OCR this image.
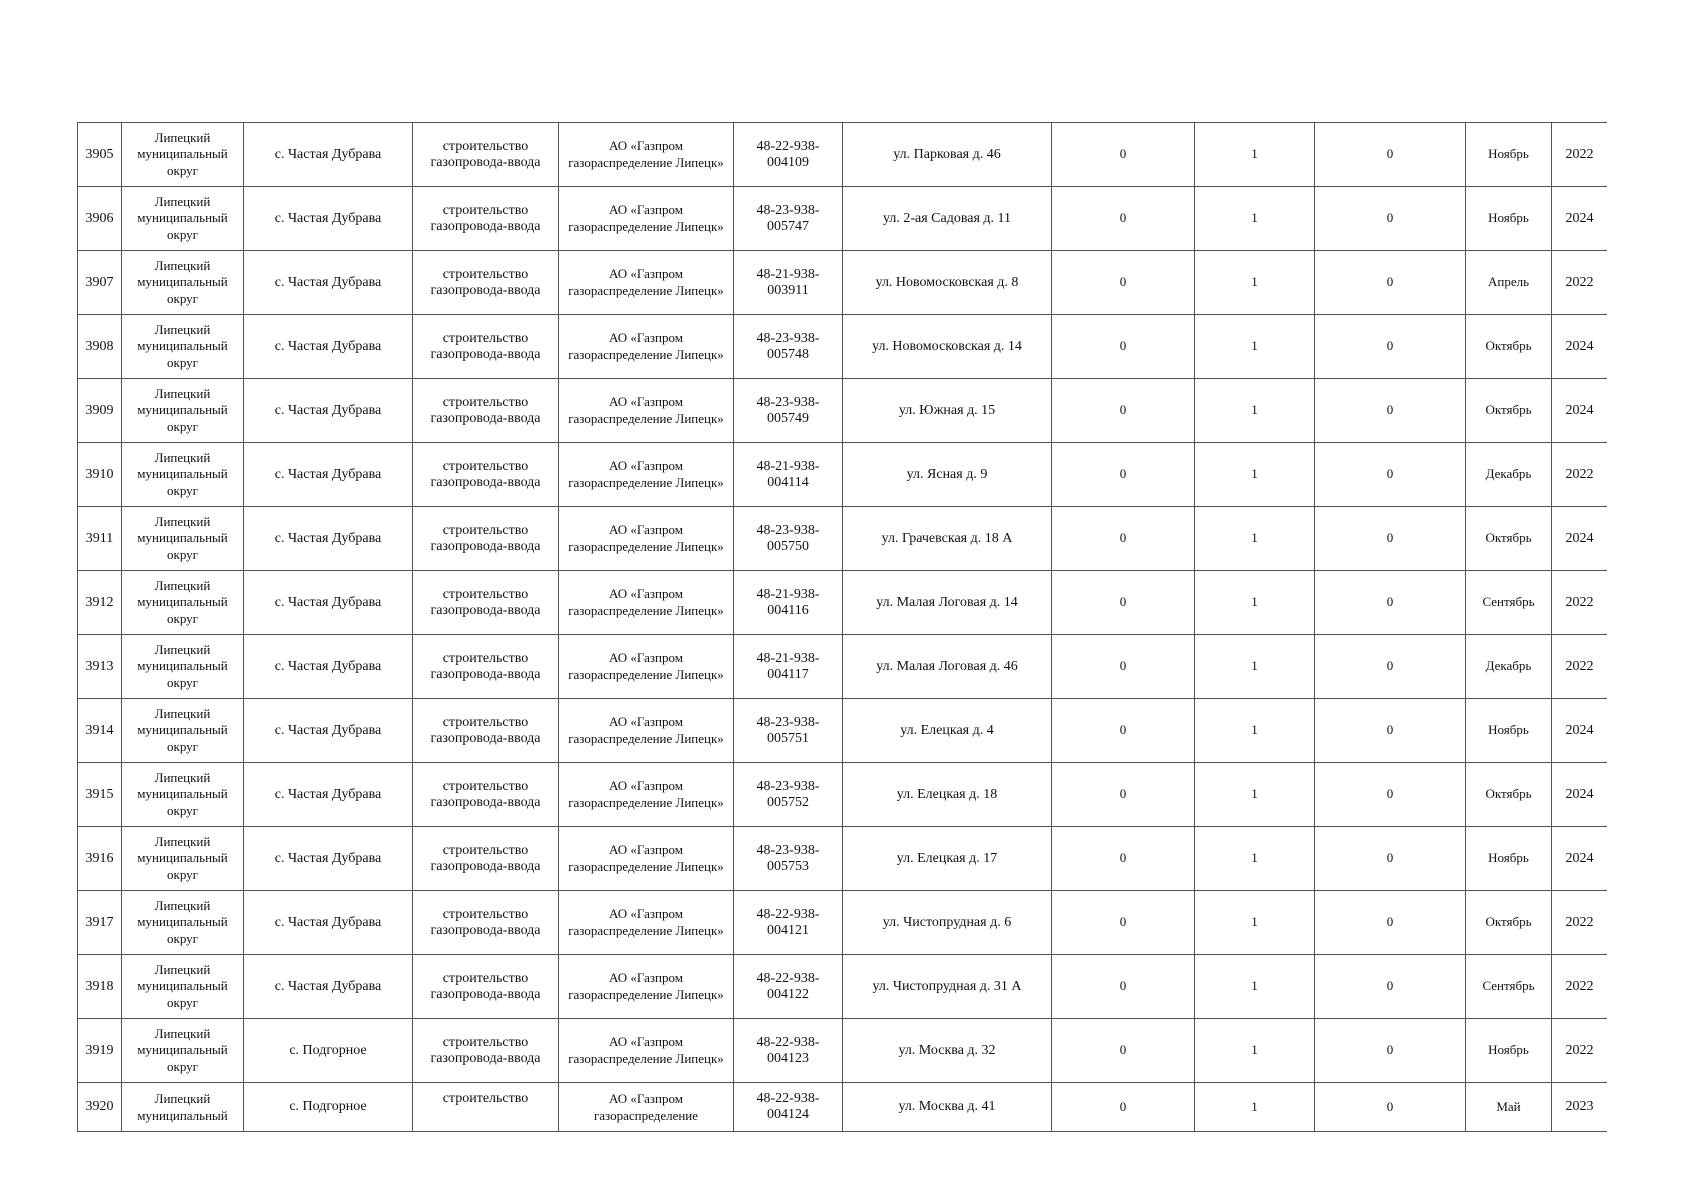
3905	Липецкий муниципальный округ	с. Частая Дубрава	строительство газопровода-ввода	АО «Газпром газораспределение Липецк»	48-22-938-004109	ул. Парковая д. 46	0	1	0	Ноябрь	2022
3906	Липецкий муниципальный округ	с. Частая Дубрава	строительство газопровода-ввода	АО «Газпром газораспределение Липецк»	48-23-938-005747	ул. 2-ая Садовая д. 11	0	1	0	Ноябрь	2024
3907	Липецкий муниципальный округ	с. Частая Дубрава	строительство газопровода-ввода	АО «Газпром газораспределение Липецк»	48-21-938-003911	ул. Новомосковская д. 8	0	1	0	Апрель	2022
3908	Липецкий муниципальный округ	с. Частая Дубрава	строительство газопровода-ввода	АО «Газпром газораспределение Липецк»	48-23-938-005748	ул. Новомосковская д. 14	0	1	0	Октябрь	2024
3909	Липецкий муниципальный округ	с. Частая Дубрава	строительство газопровода-ввода	АО «Газпром газораспределение Липецк»	48-23-938-005749	ул. Южная д. 15	0	1	0	Октябрь	2024
3910	Липецкий муниципальный округ	с. Частая Дубрава	строительство газопровода-ввода	АО «Газпром газораспределение Липецк»	48-21-938-004114	ул. Ясная д. 9	0	1	0	Декабрь	2022
3911	Липецкий муниципальный округ	с. Частая Дубрава	строительство газопровода-ввода	АО «Газпром газораспределение Липецк»	48-23-938-005750	ул. Грачевская д. 18 А	0	1	0	Октябрь	2024
3912	Липецкий муниципальный округ	с. Частая Дубрава	строительство газопровода-ввода	АО «Газпром газораспределение Липецк»	48-21-938-004116	ул. Малая Логовая д. 14	0	1	0	Сентябрь	2022
3913	Липецкий муниципальный округ	с. Частая Дубрава	строительство газопровода-ввода	АО «Газпром газораспределение Липецк»	48-21-938-004117	ул. Малая Логовая д. 46	0	1	0	Декабрь	2022
3914	Липецкий муниципальный округ	с. Частая Дубрава	строительство газопровода-ввода	АО «Газпром газораспределение Липецк»	48-23-938-005751	ул. Елецкая д. 4	0	1	0	Ноябрь	2024
3915	Липецкий муниципальный округ	с. Частая Дубрава	строительство газопровода-ввода	АО «Газпром газораспределение Липецк»	48-23-938-005752	ул. Елецкая д. 18	0	1	0	Октябрь	2024
3916	Липецкий муниципальный округ	с. Частая Дубрава	строительство газопровода-ввода	АО «Газпром газораспределение Липецк»	48-23-938-005753	ул. Елецкая д. 17	0	1	0	Ноябрь	2024
3917	Липецкий муниципальный округ	с. Частая Дубрава	строительство газопровода-ввода	АО «Газпром газораспределение Липецк»	48-22-938-004121	ул. Чистопрудная д. 6	0	1	0	Октябрь	2022
3918	Липецкий муниципальный округ	с. Частая Дубрава	строительство газопровода-ввода	АО «Газпром газораспределение Липецк»	48-22-938-004122	ул. Чистопрудная д. 31 А	0	1	0	Сентябрь	2022
3919	Липецкий муниципальный округ	с. Подгорное	строительство газопровода-ввода	АО «Газпром газораспределение Липецк»	48-22-938-004123	ул. Москва д. 32	0	1	0	Ноябрь	2022
3920	Липецкий муниципальный	с. Подгорное	строительство	АО «Газпром газораспределение	48-22-938-004124	ул. Москва д. 41	0	1	0	Май	2023
